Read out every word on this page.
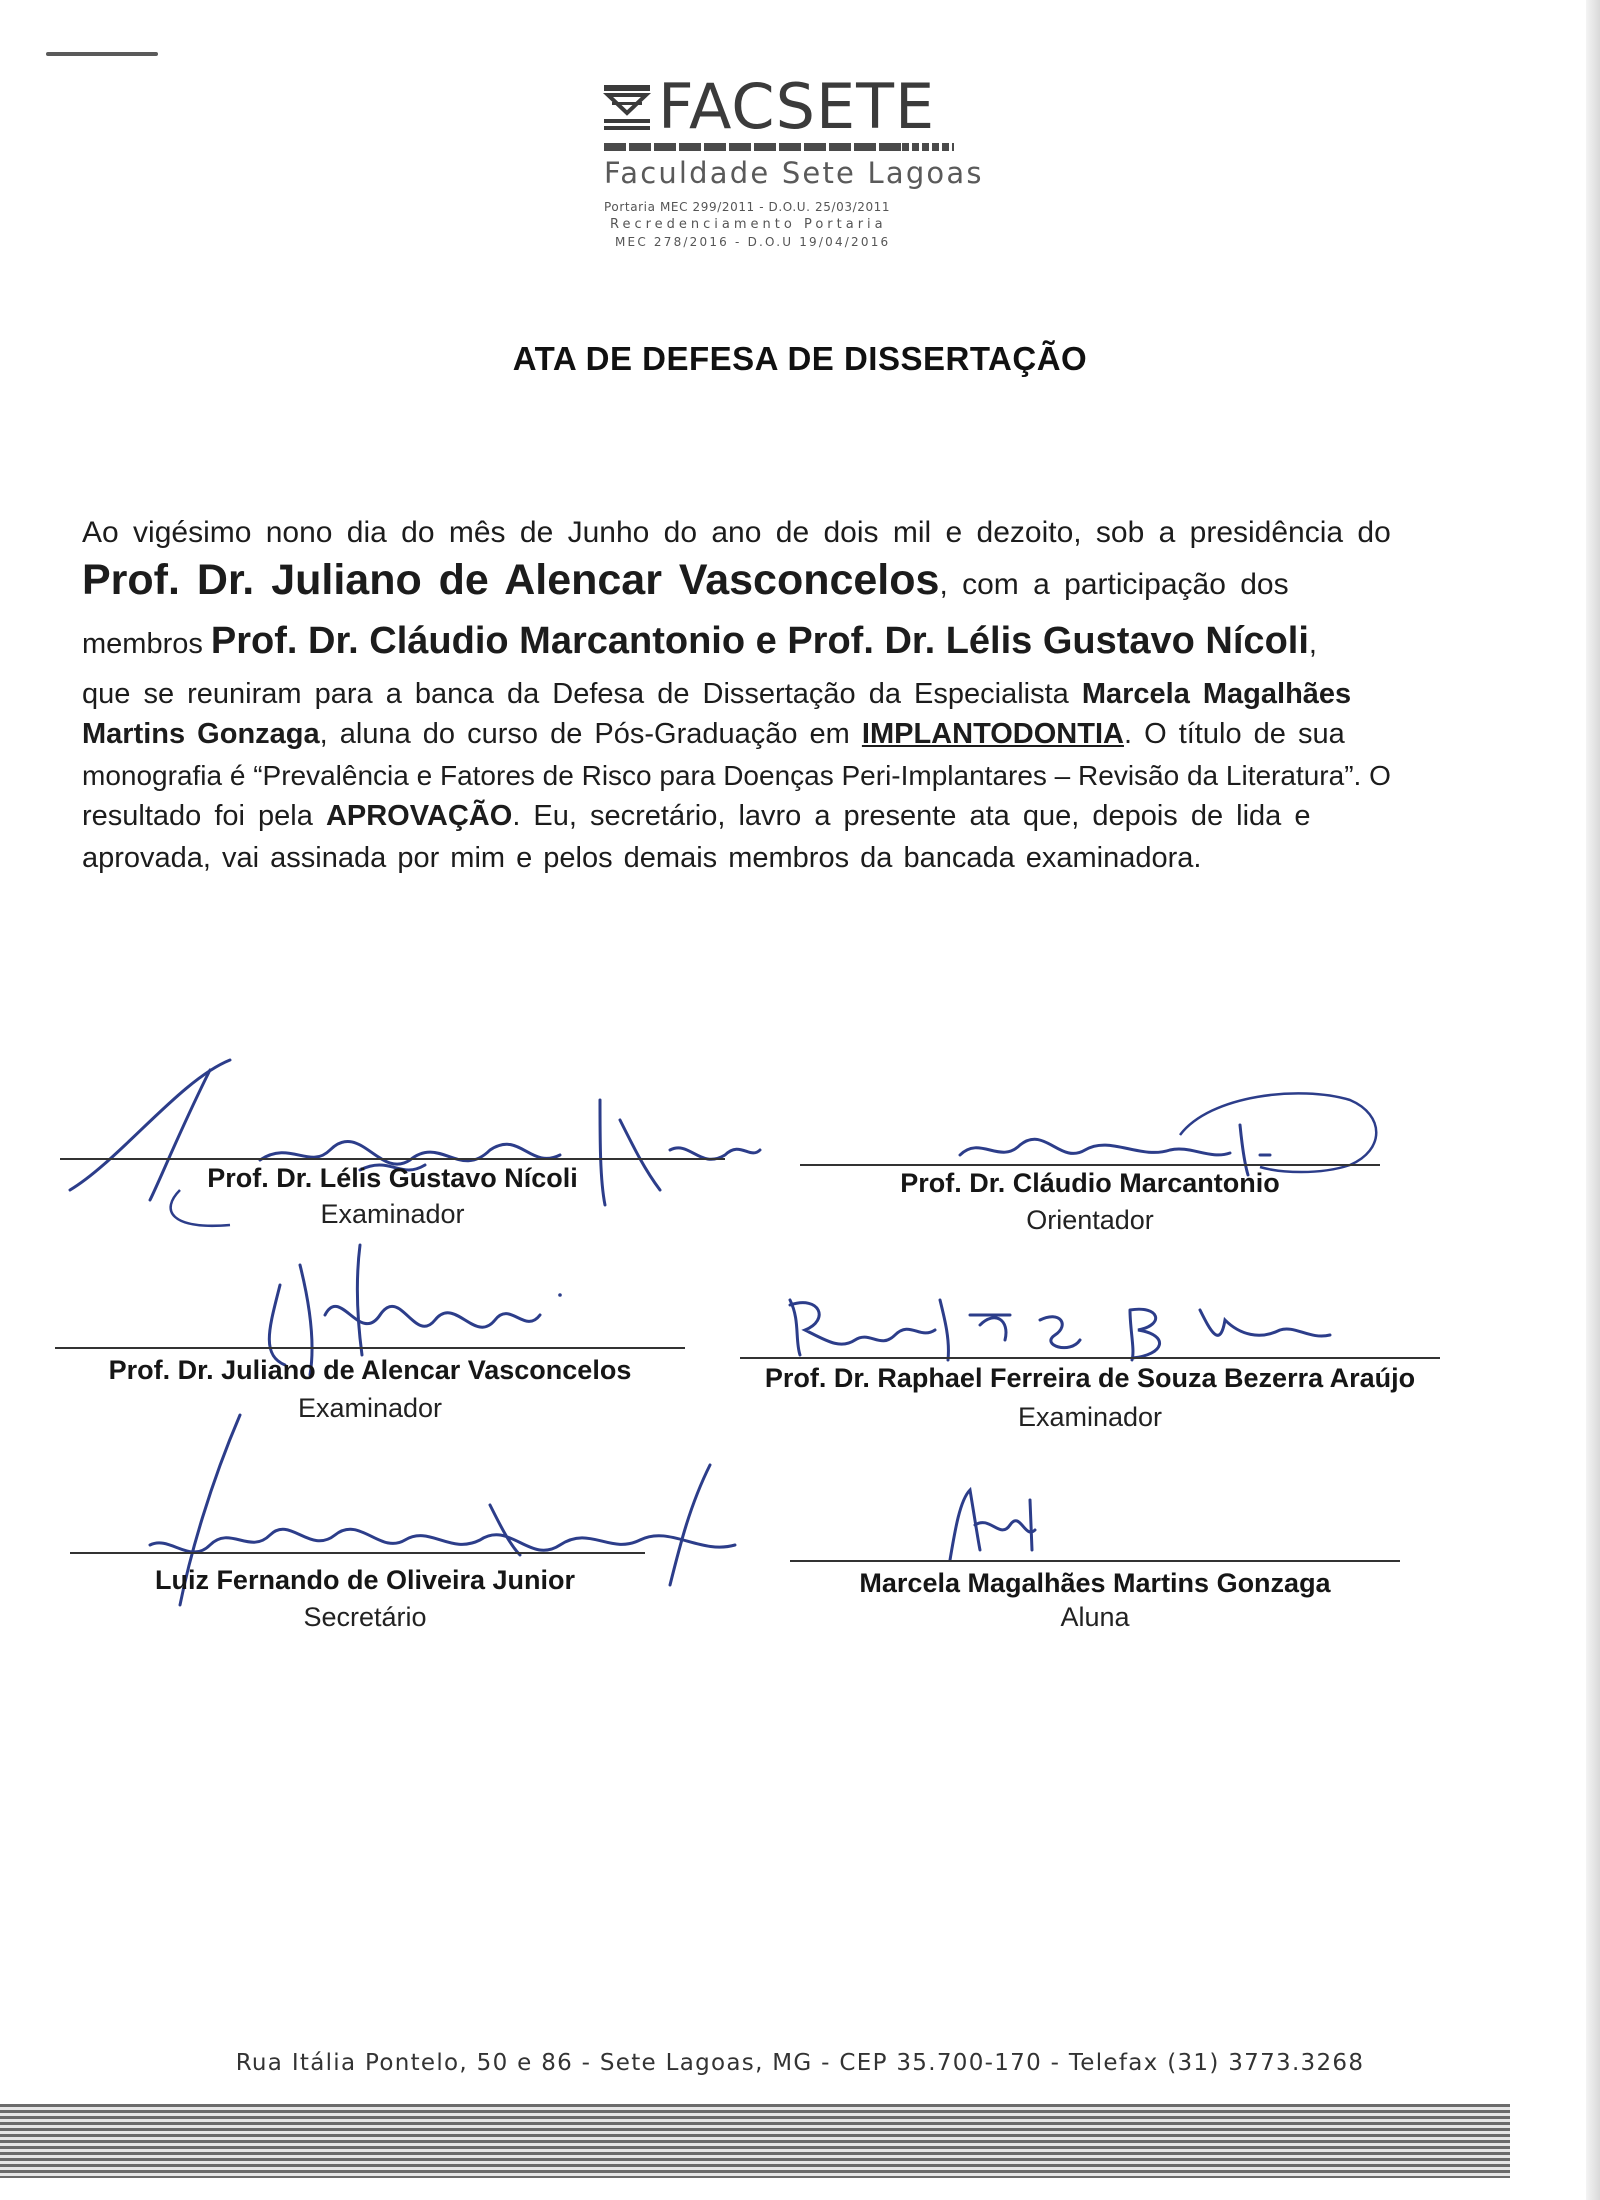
FACSETE
Faculdade Sete Lagoas
Portaria MEC 299/2011 - D.O.U. 25/03/2011
Recredenciamento Portaria
MEC 278/2016 - D.O.U 19/04/2016
ATA DE DEFESA DE DISSERTAÇÃO
Ao vigésimo nono dia do mês de Junho do ano de dois mil e dezoito, sob a presidência do
Prof. Dr. Juliano de Alencar Vasconcelos, com a participação dos
membros Prof. Dr. Cláudio Marcantonio e Prof. Dr. Lélis Gustavo Nícoli,
que se reuniram para a banca da Defesa de Dissertação da Especialista Marcela Magalhães
Martins Gonzaga, aluna do curso de Pós-Graduação em IMPLANTODONTIA. O título de sua
monografia é “Prevalência e Fatores de Risco para Doenças Peri-Implantares – Revisão da Literatura”. O
resultado foi pela APROVAÇÃO. Eu, secretário, lavro a presente ata que, depois de lida e
aprovada, vai assinada por mim e pelos demais membros da bancada examinadora.
Prof. Dr. Lélis Gustavo Nícoli
Examinador
Prof. Dr. Cláudio Marcantonio
Orientador
Prof. Dr. Juliano de Alencar Vasconcelos
Examinador
Prof. Dr. Raphael Ferreira de Souza Bezerra Araújo
Examinador
Luiz Fernando de Oliveira Junior
Secretário
Marcela Magalhães Martins Gonzaga
Aluna
Rua Itália Pontelo, 50 e 86 - Sete Lagoas, MG - CEP 35.700-170 - Telefax (31) 3773.3268
